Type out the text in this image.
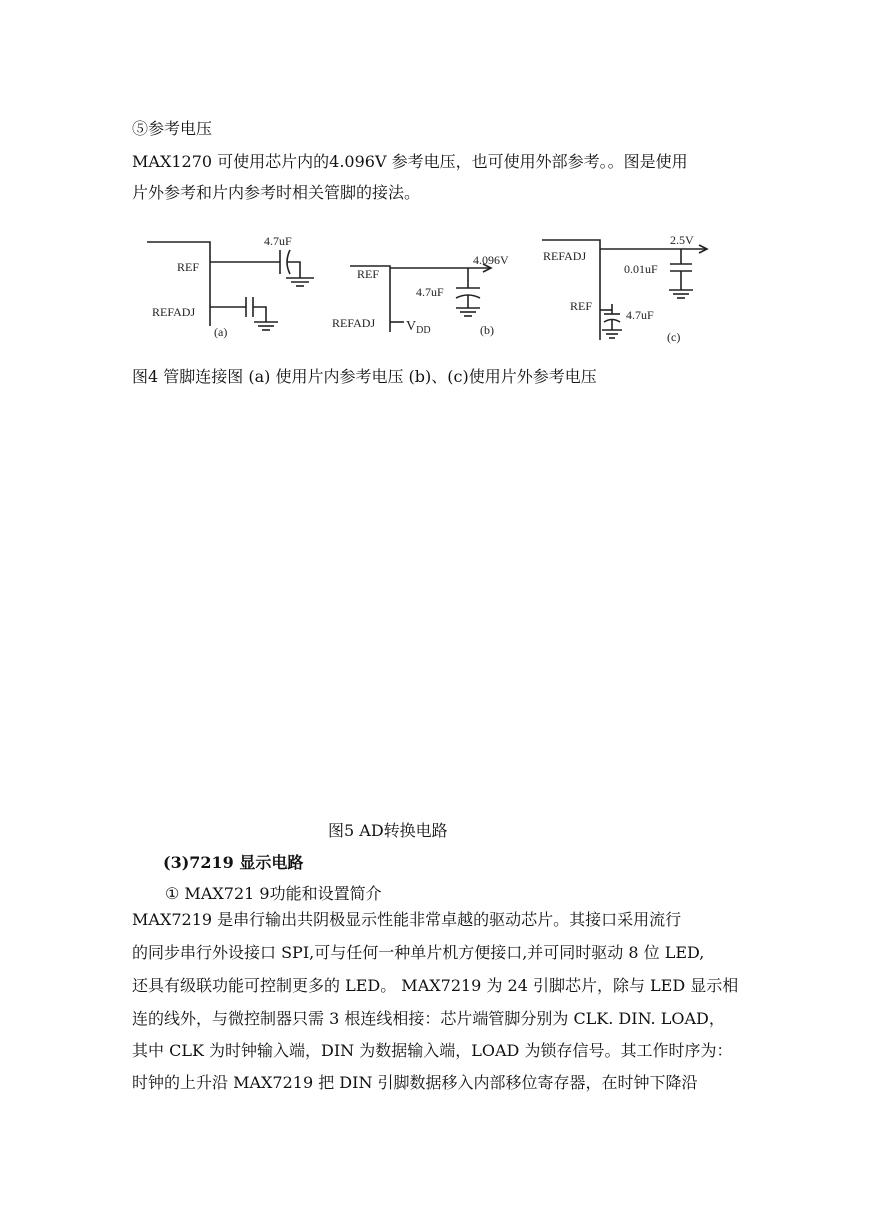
⑤参考电压
MAX1270 可使用芯片内的4.096V 参考电压，也可使用外部参考。。图是使用
片外参考和片内参考时相关管脚的接法。
REF
4.7uF
REFADJ
(a)
REF
4.096V
4.7uF
REFADJ $V_{DD}$	(b)
REFADJ
2.5V
0.01uF
REF
4.7uF
(c)
图4 管脚连接图 (a) 使用片内参考电压 (b)、(c)使用片外参考电压
图5 AD转换电路
(3)7219 显示电路
① MAX721 9功能和设置简介
MAX7219 是串行输出共阴极显示性能非常卓越的驱动芯片。其接口采用流行
的同步串行外设接口 SPI,可与任何一种单片机方便接口,并可同时驱动 8 位 LED,
还具有级联功能可控制更多的 LED。 MAX7219 为 24 引脚芯片，除与 LED 显示相
连的线外，与微控制器只需 3 根连线相接：芯片端管脚分别为 CLK. DIN. LOAD，
其中 CLK 为时钟输入端，DIN 为数据输入端，LOAD 为锁存信号。其工作时序为：
时钟的上升沿 MAX7219 把 DIN 引脚数据移入内部移位寄存器，在时钟下降沿
